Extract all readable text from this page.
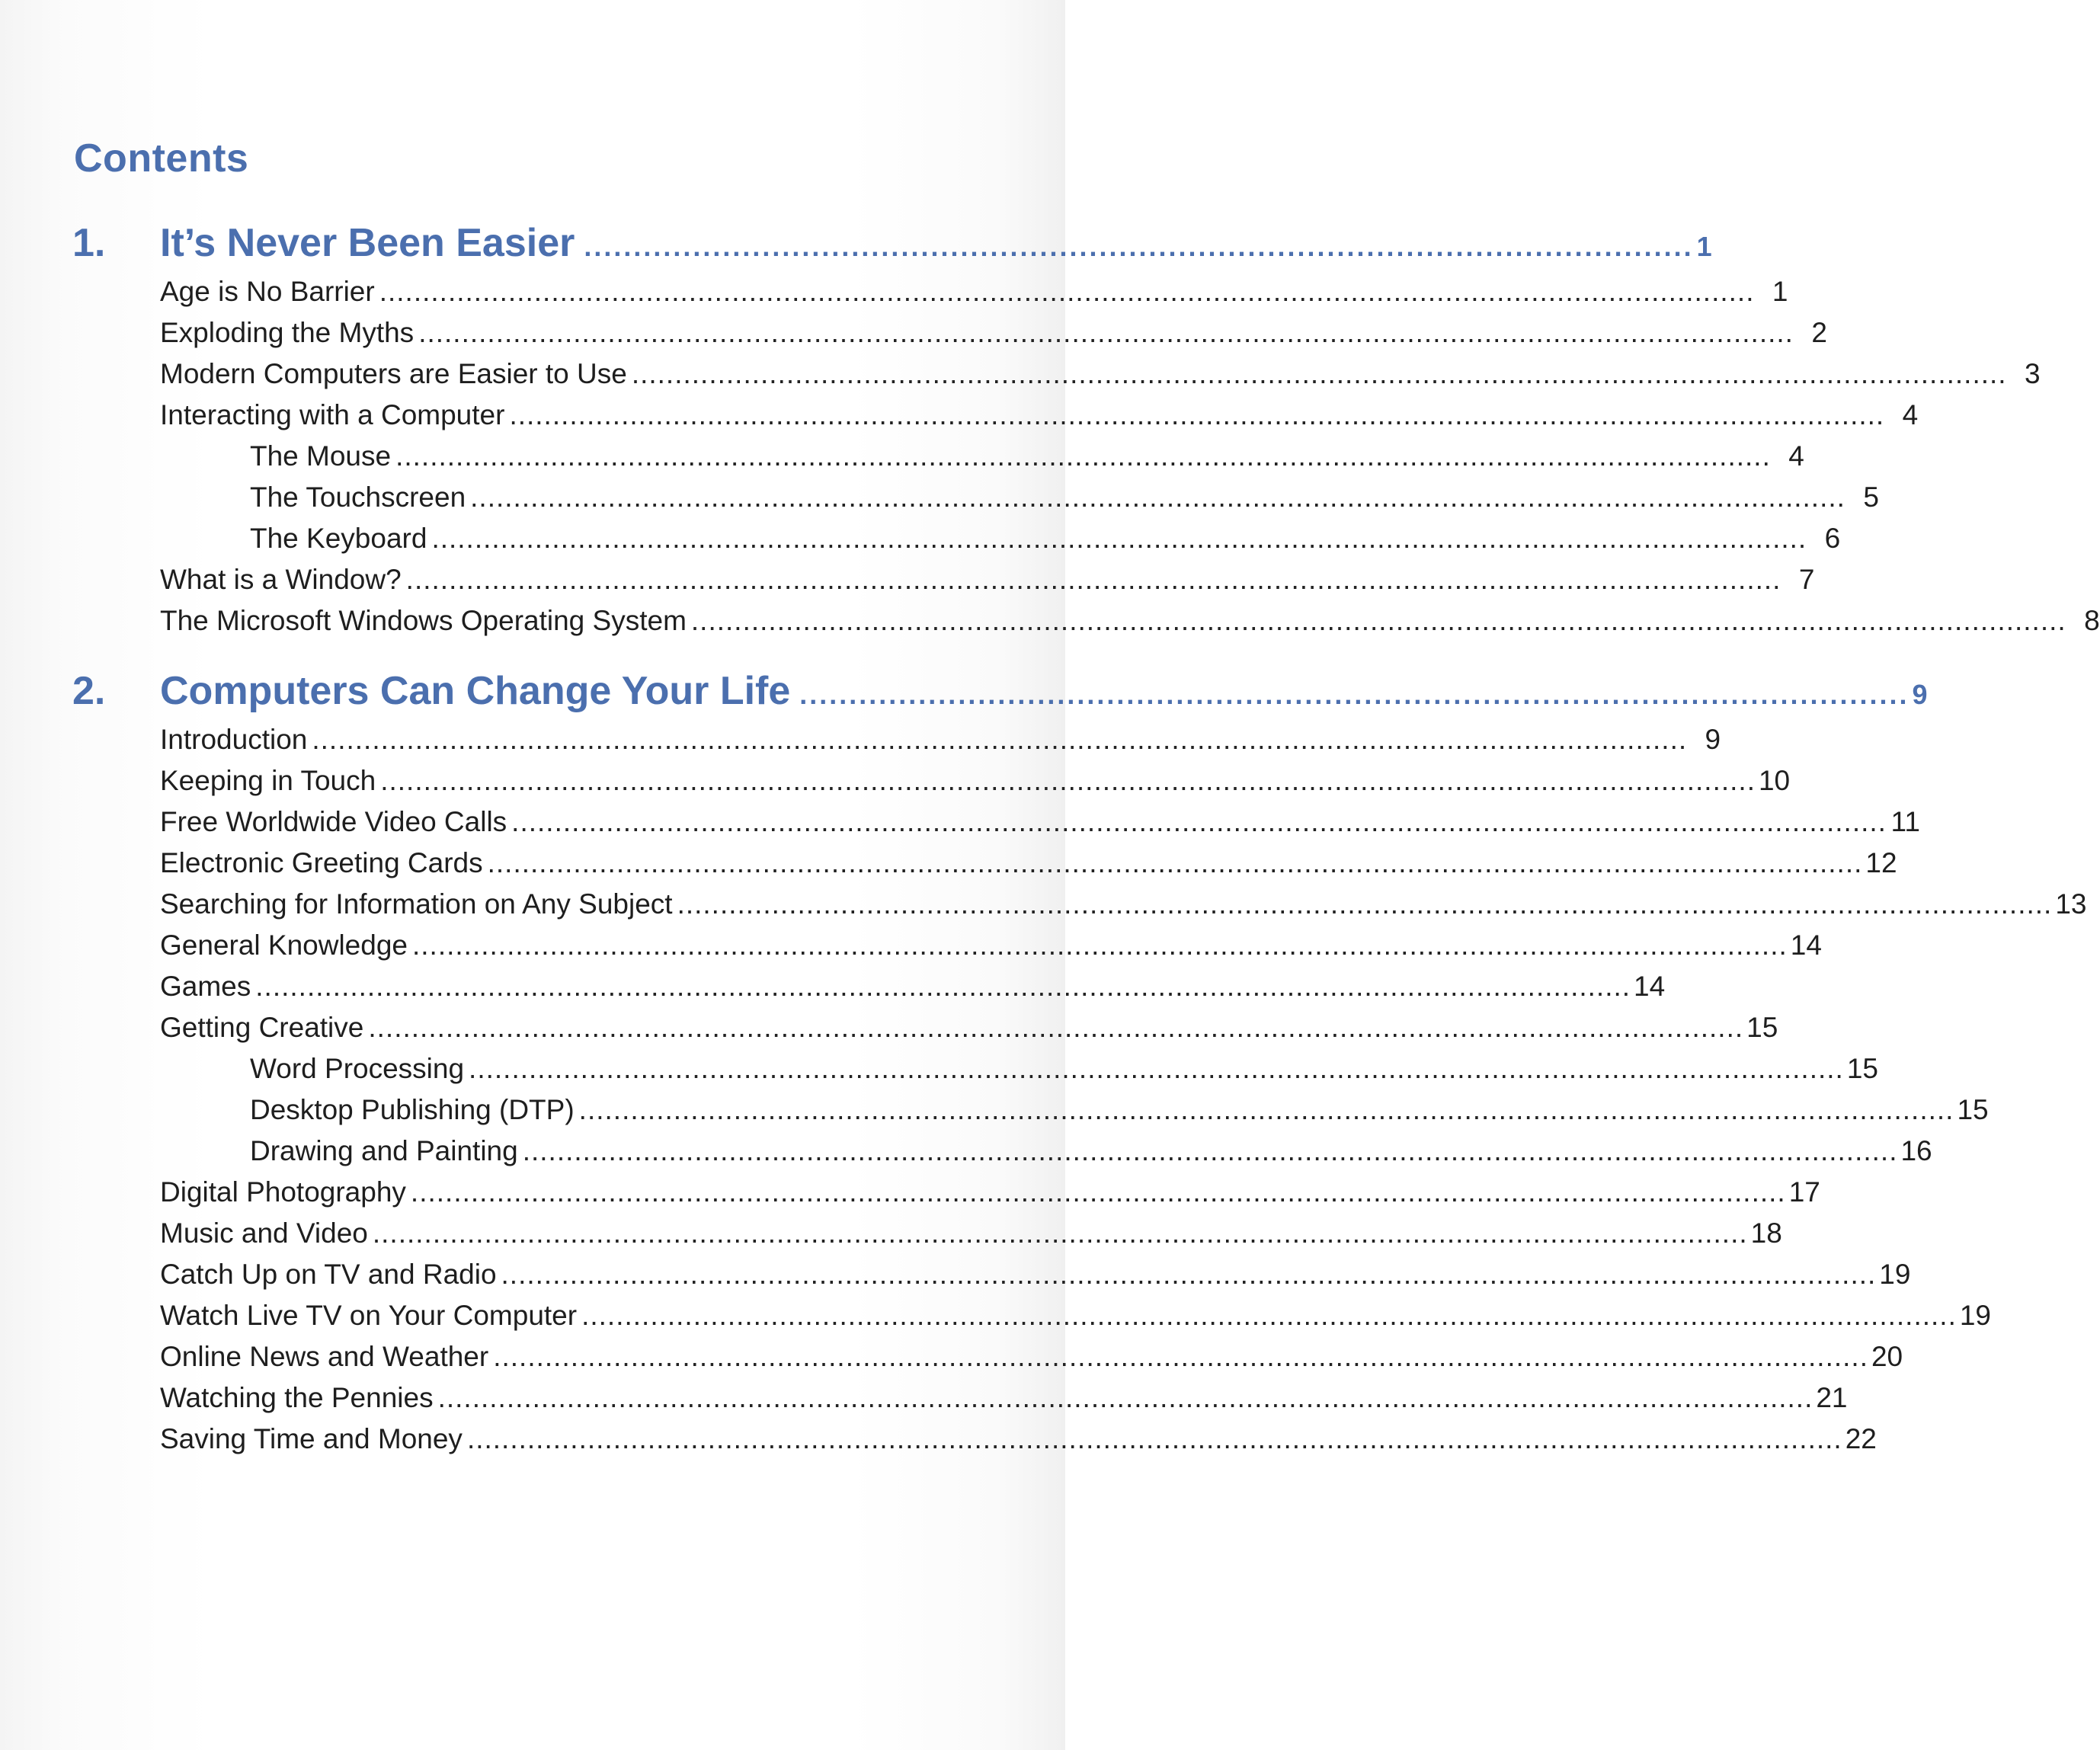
Contents
1.	It’s Never Been Easier ................................................................................................................ 1
Age is No Barrier ................................................................................................................................................................ 1
Exploding the Myths ................................................................................................................................................................ 2
Modern Computers are Easier to Use ................................................................................................................................................................ 3
Interacting with a Computer ................................................................................................................................................................ 4
The Mouse ................................................................................................................................................................ 4
The Touchscreen ................................................................................................................................................................ 5
The Keyboard ................................................................................................................................................................ 6
What is a Window? ................................................................................................................................................................ 7
The Microsoft Windows Operating System ................................................................................................................................................................ 8
2.	Computers Can Change Your Life ................................................................................................................ 9
Introduction ................................................................................................................................................................ 9
Keeping in Touch ................................................................................................................................................................ 10
Free Worldwide Video Calls ................................................................................................................................................................ 11
Electronic Greeting Cards ................................................................................................................................................................ 12
Searching for Information on Any Subject ................................................................................................................................................................ 13
General Knowledge ................................................................................................................................................................ 14
Games ................................................................................................................................................................ 14
Getting Creative ................................................................................................................................................................ 15
Word Processing ................................................................................................................................................................ 15
Desktop Publishing (DTP) ................................................................................................................................................................ 15
Drawing and Painting ................................................................................................................................................................ 16
Digital Photography ................................................................................................................................................................ 17
Music and Video ................................................................................................................................................................ 18
Catch Up on TV and Radio ................................................................................................................................................................ 19
Watch Live TV on Your Computer ................................................................................................................................................................ 19
Online News and Weather ................................................................................................................................................................ 20
Watching the Pennies ................................................................................................................................................................ 21
Saving Time and Money ................................................................................................................................................................ 22
